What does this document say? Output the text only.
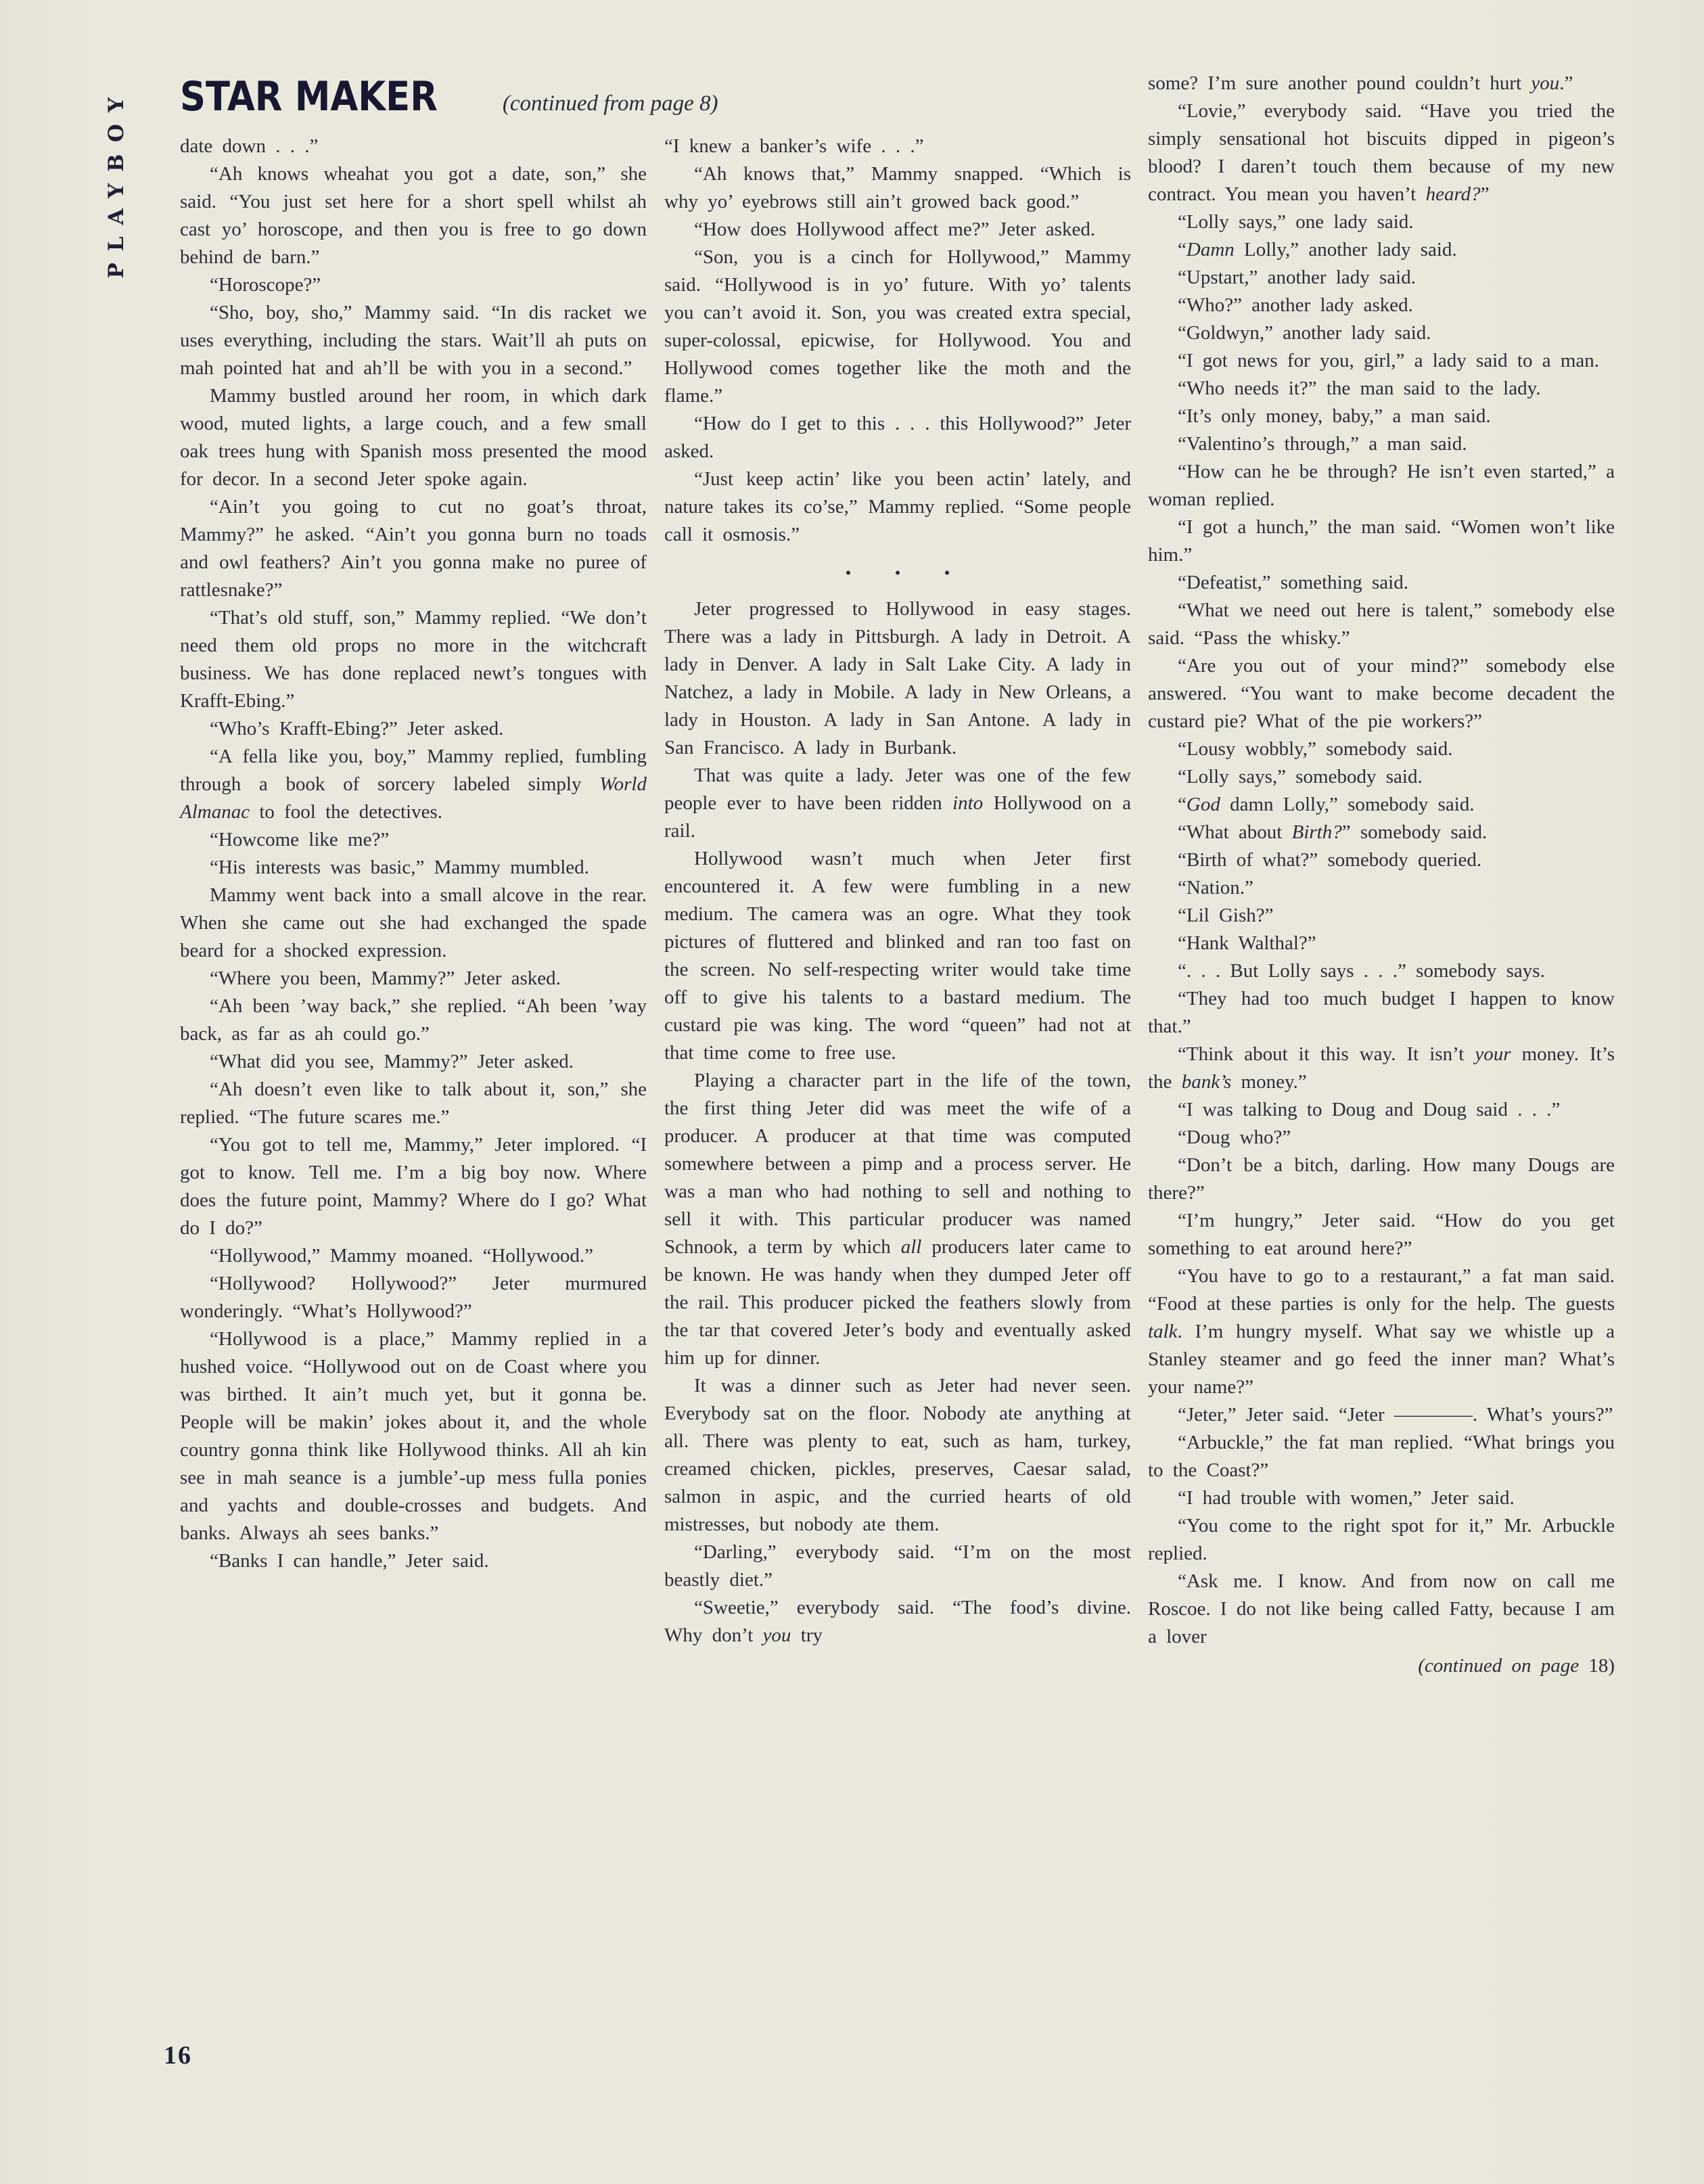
PLAYBOY STAR MAKER	(continued from page 8)

date down . . .”

“Ah knows wheahat you got a date, son,” she said. “You just set here for a short spell whilst ah cast yo’ horoscope, and then you is free to go down behind de barn.”

“Horoscope?”

“Sho, boy, sho,” Mammy said. “In dis racket we uses everything, including the stars. Wait’ll ah puts on mah pointed hat and ah’ll be with you in a second.”

Mammy bustled around her room, in which dark wood, muted lights, a large couch, and a few small oak trees hung with Spanish moss presented the mood for decor. In a second Jeter spoke again.

“Ain’t you going to cut no goat’s throat, Mammy?” he asked. “Ain’t you gonna burn no toads and owl feathers? Ain’t you gonna make no puree of rattlesnake?”

“That’s old stuff, son,” Mammy replied. “We don’t need them old props no more in the witchcraft business. We has done replaced newt’s tongues with Krafft-Ebing.”

“Who’s Krafft-Ebing?” Jeter asked.

“A fella like you, boy,” Mammy replied, fumbling through a book of sorcery labeled simply World Almanac to fool the detectives.

“Howcome like me?”

“His interests was basic,” Mammy mumbled.

Mammy went back into a small alcove in the rear. When she came out she had exchanged the spade beard for a shocked expression.

“Where you been, Mammy?” Jeter asked.

“Ah been ’way back,” she replied. “Ah been ’way back, as far as ah could go.”

“What did you see, Mammy?” Jeter asked.

“Ah doesn’t even like to talk about it, son,” she replied. “The future scares me.”

“You got to tell me, Mammy,” Jeter implored. “I got to know. Tell me. I’m a big boy now. Where does the future point, Mammy? Where do I go? What do I do?”

“Hollywood,” Mammy moaned. “Hollywood.”

“Hollywood? Hollywood?” Jeter murmured wonderingly. “What’s Hollywood?”

“Hollywood is a place,” Mammy replied in a hushed voice. “Hollywood out on de Coast where you was birthed. It ain’t much yet, but it gonna be. People will be makin’ jokes about it, and the whole country gonna think like Hollywood thinks. All ah kin see in mah seance is a jumble’-up mess fulla ponies and yachts and double-crosses and budgets. And banks. Always ah sees banks.”

“Banks I can handle,” Jeter said.

“I knew a banker’s wife . . .”

“Ah knows that,” Mammy snapped. “Which is why yo’ eyebrows still ain’t growed back good.”

“How does Hollywood affect me?” Jeter asked.

“Son, you is a cinch for Hollywood,” Mammy said. “Hollywood is in yo’ future. With yo’ talents you can’t avoid it. Son, you was created extra special, super-colossal, epicwise, for Hollywood. You and Hollywood comes together like the moth and the flame.”

“How do I get to this . . . this Hollywood?” Jeter asked.

“Just keep actin’ like you been actin’ lately, and nature takes its co’se,” Mammy replied. “Some people call it osmosis.”

• • •

Jeter progressed to Hollywood in easy stages. There was a lady in Pittsburgh. A lady in Detroit. A lady in Denver. A lady in Salt Lake City. A lady in Natchez, a lady in Mobile. A lady in New Orleans, a lady in Houston. A lady in San Antone. A lady in San Francisco. A lady in Burbank.

That was quite a lady. Jeter was one of the few people ever to have been ridden into Hollywood on a rail.

Hollywood wasn’t much when Jeter first encountered it. A few were fumbling in a new medium. The camera was an ogre. What they took pictures of fluttered and blinked and ran too fast on the screen. No self-respecting writer would take time off to give his talents to a bastard medium. The custard pie was king. The word “queen” had not at that time come to free use.

Playing a character part in the life of the town, the first thing Jeter did was meet the wife of a producer. A producer at that time was computed somewhere between a pimp and a process server. He was a man who had nothing to sell and nothing to sell it with. This particular producer was named Schnook, a term by which all producers later came to be known. He was handy when they dumped Jeter off the rail. This producer picked the feathers slowly from the tar that covered Jeter’s body and eventually asked him up for dinner.

It was a dinner such as Jeter had never seen. Everybody sat on the floor. Nobody ate anything at all. There was plenty to eat, such as ham, turkey, creamed chicken, pickles, preserves, Caesar salad, salmon in aspic, and the curried hearts of old mistresses, but nobody ate them.

“Darling,” everybody said. “I’m on the most beastly diet.”

“Sweetie,” everybody said. “The food’s divine. Why don’t you try

some? I’m sure another pound couldn’t hurt you.”

“Lovie,” everybody said. “Have you tried the simply sensational hot biscuits dipped in pigeon’s blood? I daren’t touch them because of my new contract. You mean you haven’t heard?”

“Lolly says,” one lady said.

“Damn Lolly,” another lady said.

“Upstart,” another lady said.

“Who?” another lady asked.

“Goldwyn,” another lady said.

“I got news for you, girl,” a lady said to a man.

“Who needs it?” the man said to the lady.

“It’s only money, baby,” a man said.

“Valentino’s through,” a man said.

“How can he be through? He isn’t even started,” a woman replied.

“I got a hunch,” the man said. “Women won’t like him.”

“Defeatist,” something said.

“What we need out here is talent,” somebody else said. “Pass the whisky.”

“Are you out of your mind?” somebody else answered. “You want to make become decadent the custard pie? What of the pie workers?”

“Lousy wobbly,” somebody said.

“Lolly says,” somebody said.

“God damn Lolly,” somebody said.

“What about Birth?” somebody said.

“Birth of what?” somebody queried.

“Nation.”

“Lil Gish?”

“Hank Walthal?”

“. . . But Lolly says . . .” somebody says.

“They had too much budget I happen to know that.”

“Think about it this way. It isn’t your money. It’s the bank’s money.”

“I was talking to Doug and Doug said . . .”

“Doug who?”

“Don’t be a bitch, darling. How many Dougs are there?”

“I’m hungry,” Jeter said. “How do you get something to eat around here?”

“You have to go to a restaurant,” a fat man said. “Food at these parties is only for the help. The guests talk. I’m hungry myself. What say we whistle up a Stanley steamer and go feed the inner man? What’s your name?”

“Jeter,” Jeter said. “Jeter ————. What’s yours?”

“Arbuckle,” the fat man replied. “What brings you to the Coast?”

“I had trouble with women,” Jeter said.

“You come to the right spot for it,” Mr. Arbuckle replied.

“Ask me. I know. And from now on call me Roscoe. I do not like being called Fatty, because I am a lover

(continued on page 18)

16
